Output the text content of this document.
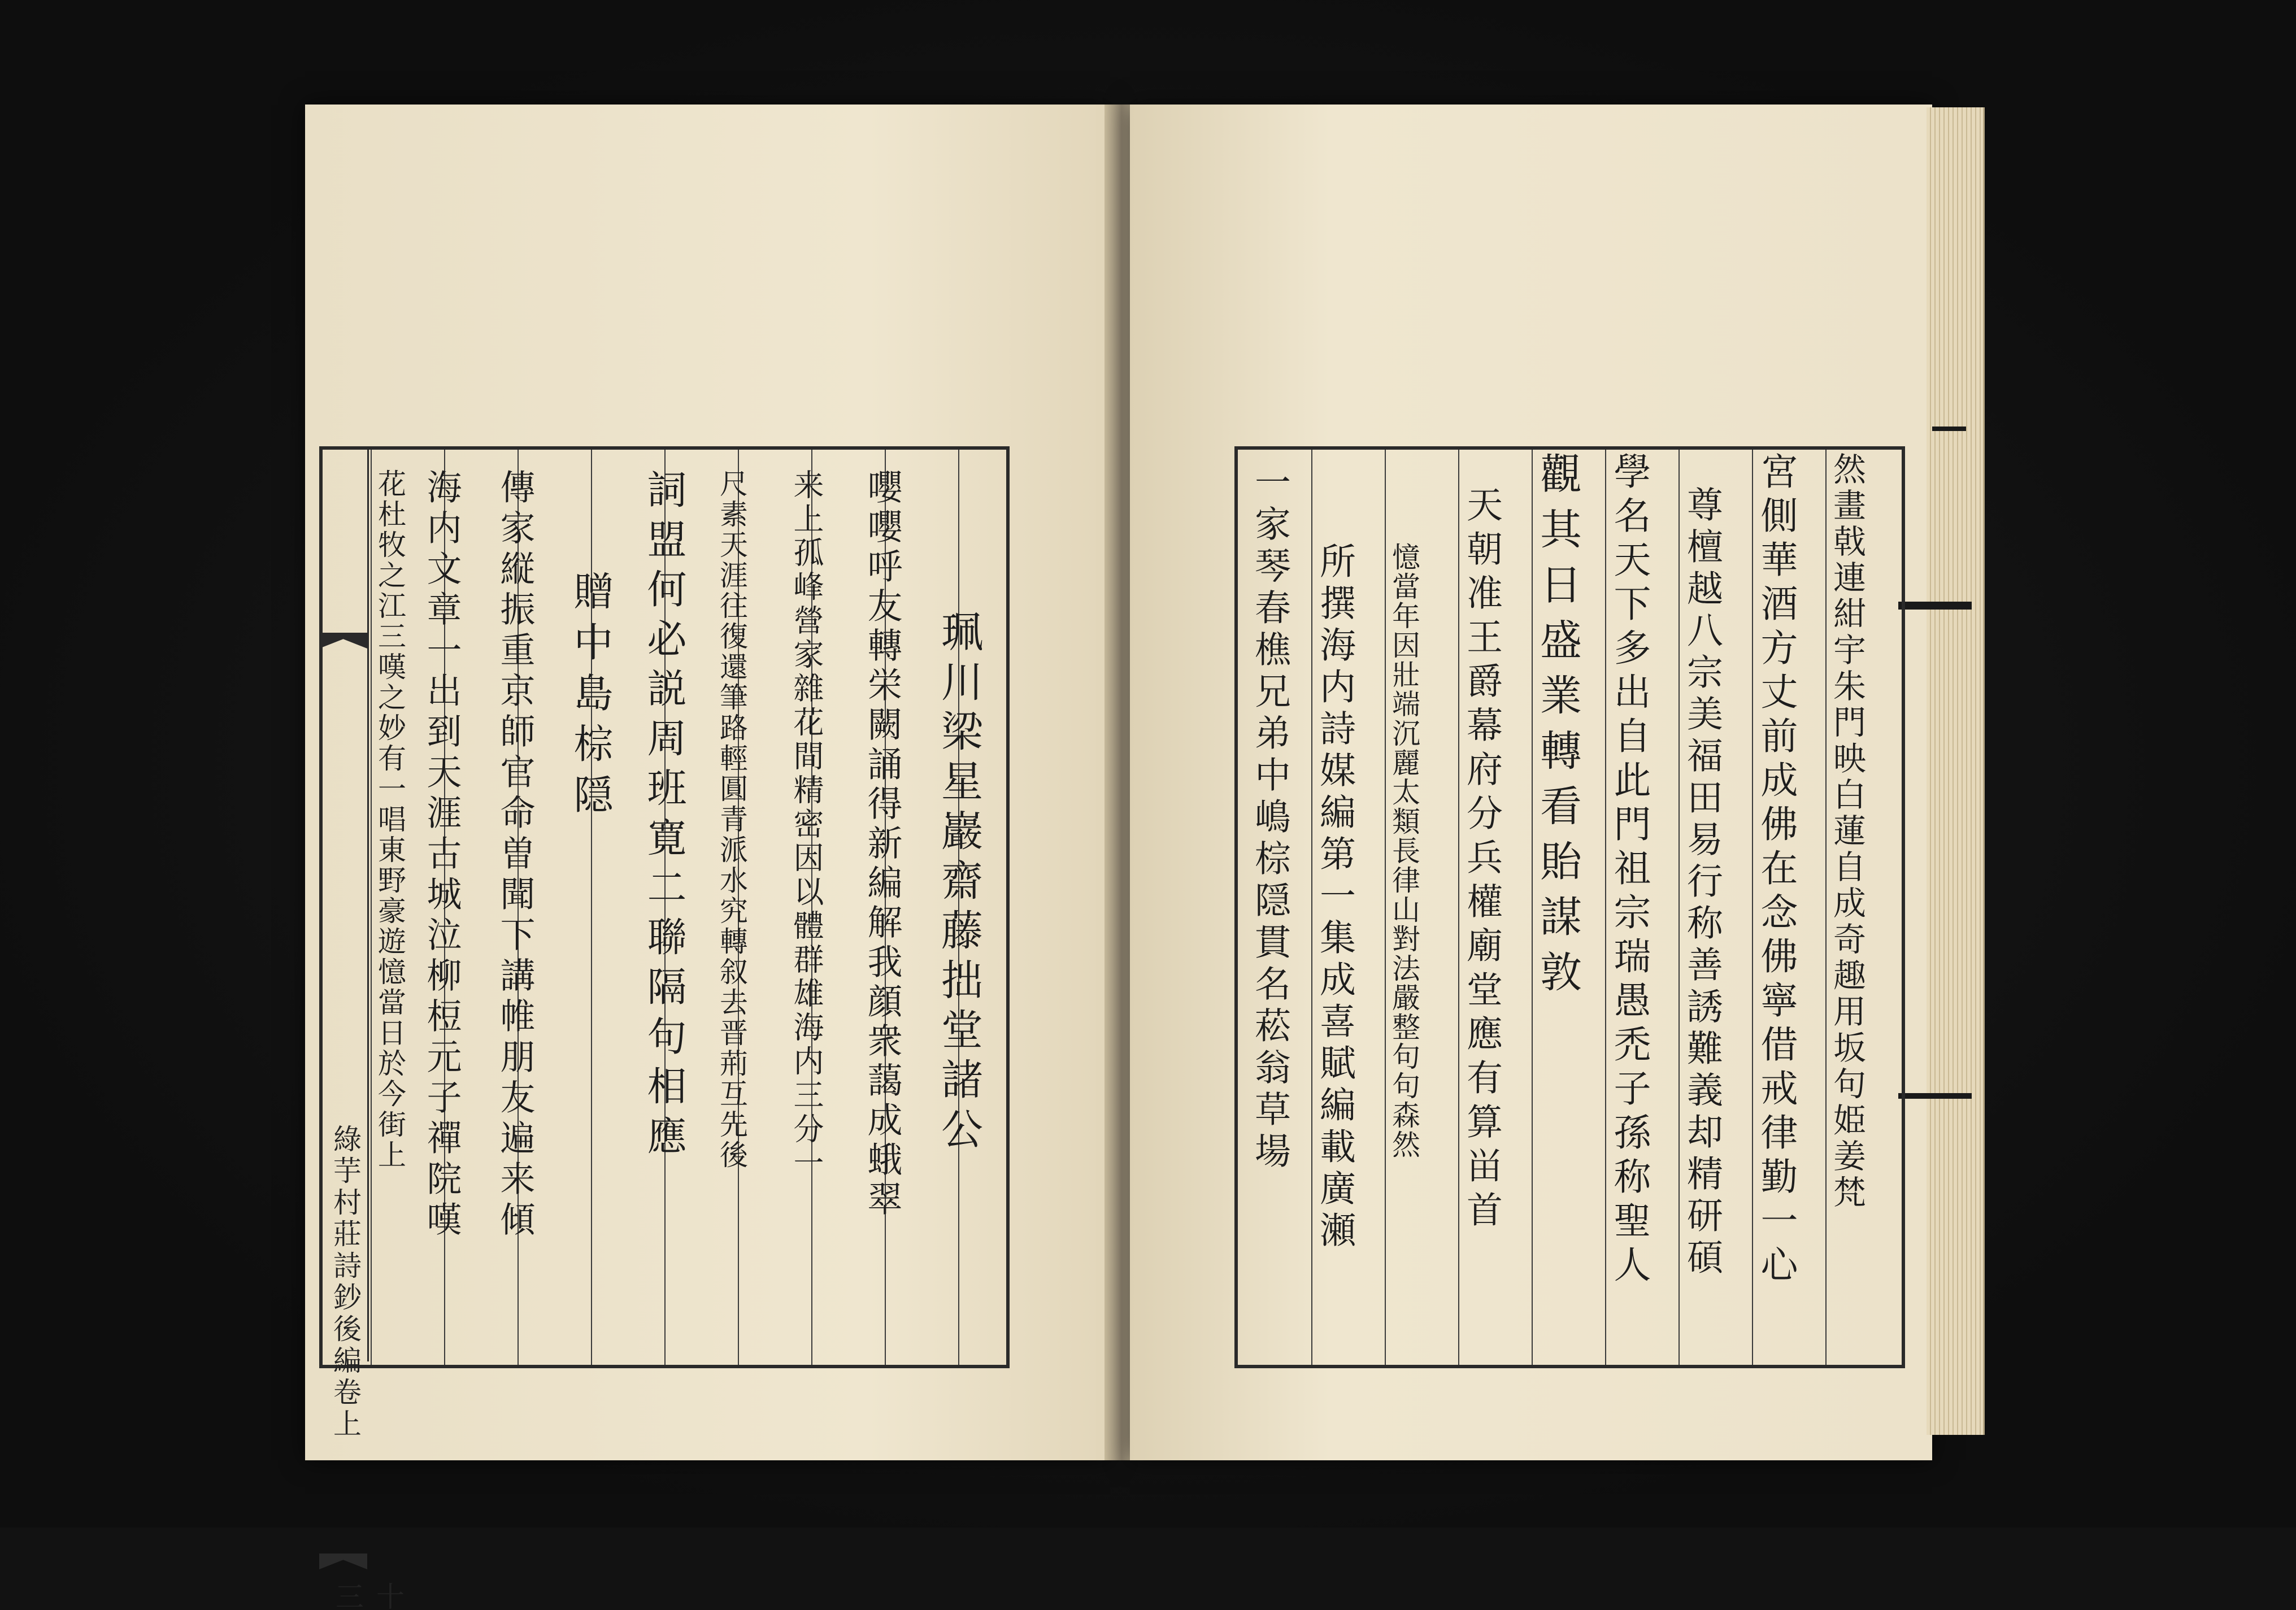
綠芋村莊詩鈔後編卷上
十三
珮川梁星巖齋藤拙堂諸公
嚶嚶呼友轉栄闕誦得新編解我顔衆藹成蛾翠
来上孤峰營家雜花間精密因以體群雄海内三分一
尺素天涯往復還筆路輕圓青派水究轉叙去晋荊互先後
詞盟何必説周班寛二聯隔句相應
贈中島棕隠
傳家縦振重京師官命曽聞下講帷朋友遍来傾
海内文章一出到天涯古城泣柳梪元子禪院嘆
花杜牧之江三嘆之妙有一唱東野豪遊憶當日於今街上	然畫戟連紺宇朱門映白蓮自成奇趣用坂句姫姜梵
宮側華酒方丈前成佛在念佛寧借戒律勤一心
尊檀越八宗美福田易行称善誘難義却精研碩
學名天下多出自此門祖宗瑞愚禿子孫称聖人
觀其日盛業轉看貽謀敦
天朝准王爵幕府分兵權廟堂應有算畄首
憶當年因壯端沉麗太類長律山對法嚴整句句森然
所撰海内詩媒編第一集成喜賦編載廣瀬
一家琴春樵兄弟中嶋棕隠貫名菘翁草場
